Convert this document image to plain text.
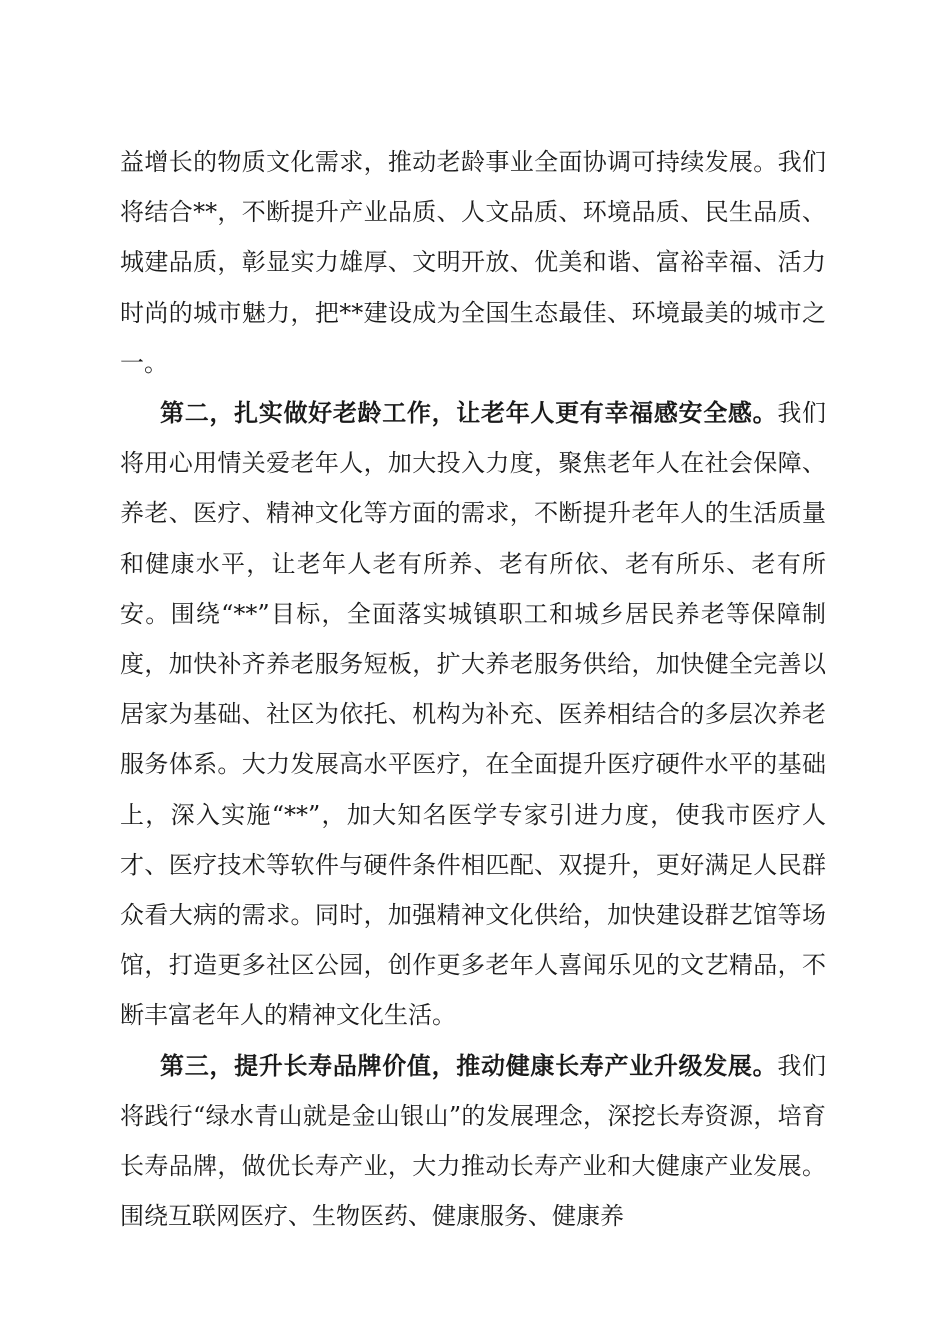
益增长的物质文化需求，推动老龄事业全面协调可持续发展。我们将结合**，不断提升产业品质、人文品质、环境品质、民生品质、城建品质，彰显实力雄厚、文明开放、优美和谐、富裕幸福、活力时尚的城市魅力，把**建设成为全国生态最佳、环境最美的城市之一。

第二，扎实做好老龄工作，让老年人更有幸福感安全感。我们将用心用情关爱老年人，加大投入力度，聚焦老年人在社会保障、养老、医疗、精神文化等方面的需求，不断提升老年人的生活质量和健康水平，让老年人老有所养、老有所依、老有所乐、老有所安。围绕“**”目标，全面落实城镇职工和城乡居民养老等保障制度，加快补齐养老服务短板，扩大养老服务供给，加快健全完善以居家为基础、社区为依托、机构为补充、医养相结合的多层次养老服务体系。大力发展高水平医疗，在全面提升医疗硬件水平的基础上，深入实施“**”，加大知名医学专家引进力度，使我市医疗人才、医疗技术等软件与硬件条件相匹配、双提升，更好满足人民群众看大病的需求。同时，加强精神文化供给，加快建设群艺馆等场馆，打造更多社区公园，创作更多老年人喜闻乐见的文艺精品，不断丰富老年人的精神文化生活。

第三，提升长寿品牌价值，推动健康长寿产业升级发展。我们将践行“绿水青山就是金山银山”的发展理念，深挖长寿资源，培育长寿品牌，做优长寿产业，大力推动长寿产业和大健康产业发展。围绕互联网医疗、生物医药、健康服务、健康养
